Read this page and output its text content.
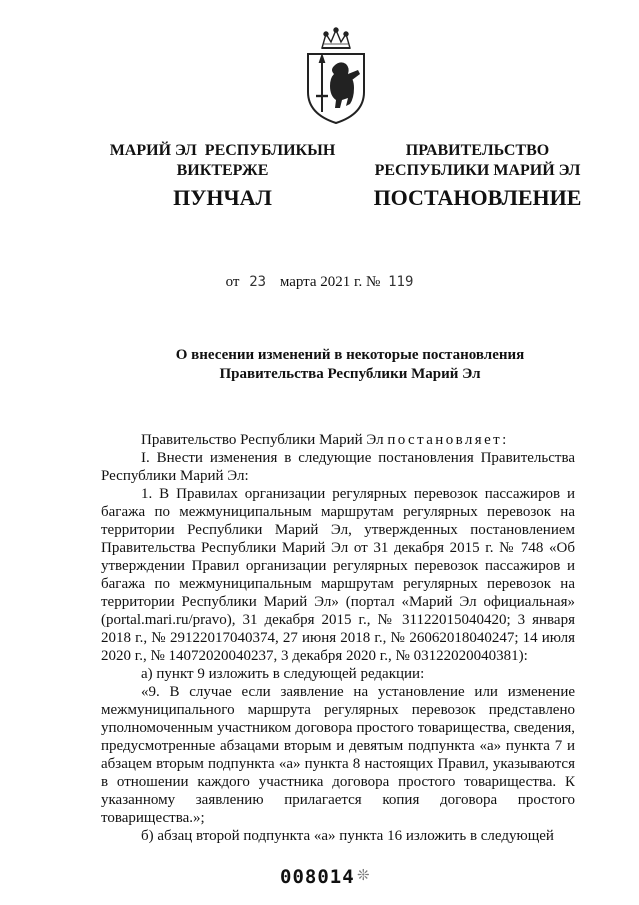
МАРИЙ ЭЛ  РЕСПУБЛИКЫН
ВИКТЕРЖЕ
ПУНЧАЛ
ПРАВИТЕЛЬСТВО
РЕСПУБЛИКИ МАРИЙ ЭЛ
ПОСТАНОВЛЕНИЕ
от 23 марта 2021 г. № 119
О внесении изменений в некоторые постановления
Правительства Республики Марий Эл

Правительство Республики Марий Эл постановляет:

I. Внести изменения в следующие постановления Правительства Республики Марий Эл:

1. В Правилах организации регулярных перевозок пассажиров и багажа по межмуниципальным маршрутам регулярных перевозок на территории Республики Марий Эл, утвержденных постановлением Правительства Республики Марий Эл от 31 декабря 2015 г. № 748 «Об утверждении Правил организации регулярных перевозок пассажиров и багажа по межмуниципальным маршрутам регулярных перевозок на территории Республики Марий Эл» (портал «Марий Эл официальная» (portal.mari.ru/pravo), 31 декабря 2015 г., № 31122015040420; 3 января 2018 г., № 29122017040374, 27 июня 2018 г., № 26062018040247; 14 июля 2020 г., № 14072020040237, 3 декабря 2020 г., № 03122020040381):

а) пункт 9 изложить в следующей редакции:

«9. В случае если заявление на установление или изменение межмуниципального маршрута регулярных перевозок представлено уполномоченным участником договора простого товарищества, сведения, предусмотренные абзацами вторым и девятым подпункта «а» пункта 7 и абзацем вторым подпункта «а» пункта 8 настоящих Правил, указываются в отношении каждого участника договора простого товарищества. К указанному заявлению прилагается копия договора простого товарищества.»;

б) абзац второй подпункта «а» пункта 16 изложить в следующей

008014 ❊
